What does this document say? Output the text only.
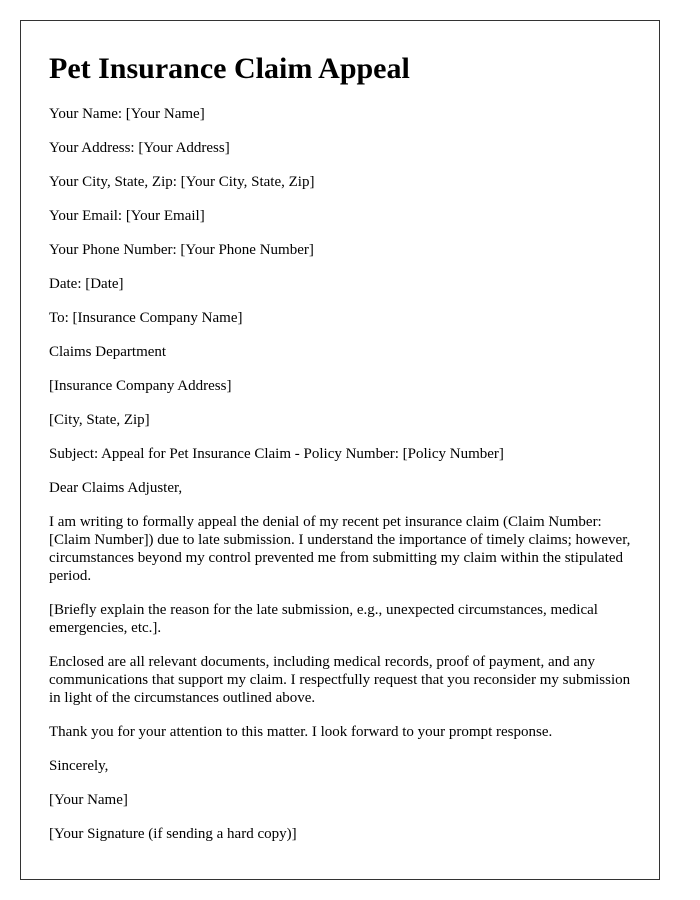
Pet Insurance Claim Appeal

Your Name: [Your Name]

Your Address: [Your Address]

Your City, State, Zip: [Your City, State, Zip]

Your Email: [Your Email]

Your Phone Number: [Your Phone Number]

Date: [Date]

To: [Insurance Company Name]

Claims Department

[Insurance Company Address]

[City, State, Zip]

Subject: Appeal for Pet Insurance Claim - Policy Number: [Policy Number]

Dear Claims Adjuster,

I am writing to formally appeal the denial of my recent pet insurance claim (Claim Number: [Claim Number]) due to late submission. I understand the importance of timely claims; however, circumstances beyond my control prevented me from submitting my claim within the stipulated period.

[Briefly explain the reason for the late submission, e.g., unexpected circumstances, medical emergencies, etc.].

Enclosed are all relevant documents, including medical records, proof of payment, and any communications that support my claim. I respectfully request that you reconsider my submission in light of the circumstances outlined above.

Thank you for your attention to this matter. I look forward to your prompt response.

Sincerely,

[Your Name]

[Your Signature (if sending a hard copy)]
